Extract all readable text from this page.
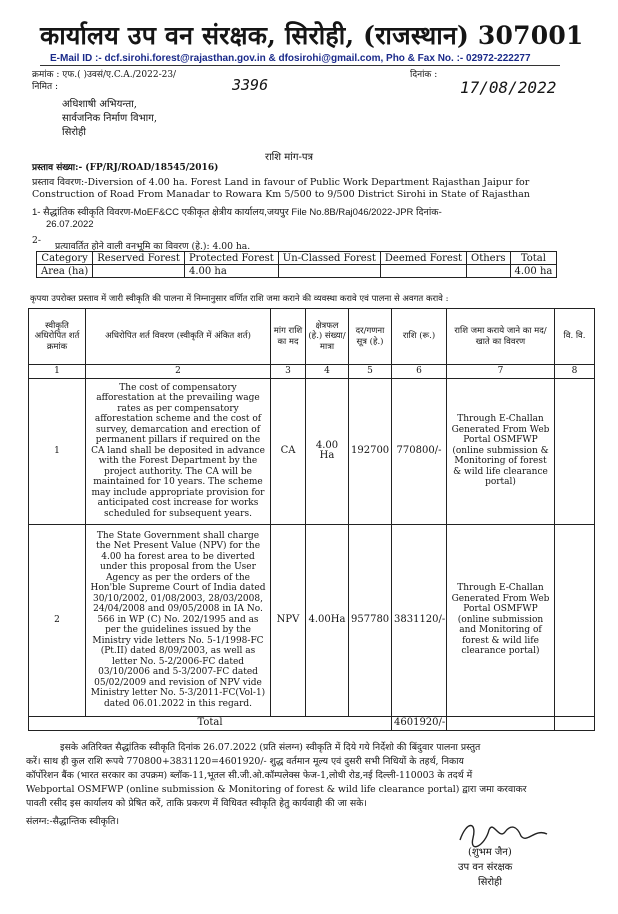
कार्यालय उप वन संरक्षक, सिरोही, (राजस्थान) 307001
E-Mail ID :- dcf.sirohi.forest@rajasthan.gov.in & dfosirohi@gmail.com, Pho & Fax No. :- 02972-222277
क्रमांक : एफ.( )उवसं/ए.C.A./2022-23/
3396
दिनांक :
17/08/2022
निमित :
अधिशाषी अभियन्ता,
सार्वजनिक निर्माण विभाग,
सिरोही
राशि मांग-पत्र
प्रस्ताव संख्या:- (FP/RJ/ROAD/18545/2016)
प्रस्ताव विवरण:-Diversion of 4.00 ha. Forest Land in favour of Public Work Department Rajasthan Jaipur for
Construction of Road From Manadar to Rowara Km 5/500 to 9/500 District Sirohi in State of Rajasthan
1- सैद्धांतिक स्वीकृति विवरण-MoEF&CC एकीकृत क्षेत्रीय कार्यालय,जयपुर File No.8B/Raj046/2022-JPR दिनांक-
26.07.2022
2-
प्रत्यावर्तित होने वाली वनभूमि का विवरण (हे.): 4.00 ha.
Category	Reserved Forest	Protected Forest	Un-Classed Forest	Deemed Forest	Others	Total
Area (ha)		4.00 ha				4.00 ha
कृपया उपरोक्त प्रस्ताव में जारी स्वीकृति की पालना में निम्नानुसार वर्णित राशि जमा कराने की व्यवस्था करावे एवं पालना से अवगत करावे :
स्वीकृति अधिरोपित शर्त क्रमांक	अधिरोपित शर्त विवरण (स्वीकृति में अंकित शर्त)	मांग राशि का मद	क्षेत्रफल (हे.) संख्या/मात्रा	दर/गणना सूत्र (हे.)	राशि (रू.)	राशि जमा कराये जाने का मद/खाते का विवरण	वि. वि.
1	2	3	4	5	6	7	8
1	The cost of compensatory afforestation at the prevailing wage rates as per compensatory afforestation scheme and the cost of survey, demarcation and erection of permanent pillars if required on the CA land shall be deposited in advance with the Forest Department by the project authority. The CA will be maintained for 10 years. The scheme may include appropriate provision for anticipated cost increase for works scheduled for subsequent years.	CA	4.00 Ha	192700	770800/-	Through E-Challan Generated From Web Portal OSMFWP (online submission & Monitoring of forest & wild life clearance portal)	
2	The State Government shall charge the Net Present Value (NPV) for the 4.00 ha forest area to be diverted under this proposal from the User Agency as per the orders of the Hon'ble Supreme Court of India dated 30/10/2002, 01/08/2003, 28/03/2008, 24/04/2008 and 09/05/2008 in IA No. 566 in WP (C) No. 202/1995 and as per the guidelines issued by the Ministry vide letters No. 5-1/1998-FC (Pt.II) dated 8/09/2003, as well as letter No. 5-2/2006-FC dated 03/10/2006 and 5-3/2007-FC dated 05/02/2009 and revision of NPV vide Ministry letter No. 5-3/2011-FC(Vol-1) dated 06.01.2022 in this regard.	NPV	4.00Ha	957780	3831120/-	Through E-Challan Generated From Web Portal OSMFWP (online submission and Monitoring of forest & wild life clearance portal)	
Total					4601920/-		
इसके अतिरिक्त सैद्धांतिक स्वीकृति दिनांक 26.07.2022 (प्रति संलग्न) स्वीकृति में दिये गये निर्देशो की बिंदुवार पालना प्रस्तुत
करें। साथ ही कुल राशि रूपये 770800+3831120=4601920/- शुद्ध वर्तमान मूल्य एवं दुसरी सभी निधियों के तहर्थ, निकाय
कॉर्पोरेशन बैंक (भारत सरकार का उपक्रम) ब्लॉक-11,भूतल सी.जी.ओ.कॉम्पलेक्स फेज-1,लोधी रोड,नई दिल्ली-110003 के तदर्थ में
Webportal OSMFWP (online submission & Monitoring of forest & wild life clearance portal) द्वारा जमा करवाकर
पावती रसीद इस कार्यालय को प्रेषित करें, ताकि प्रकरण में विधिवत स्वीकृति हेतु कार्यवाही की जा सके।
संलग्न:-सैद्धान्तिक स्वीकृति।
(शुभम जैन)
उप वन संरक्षक
सिरोही
